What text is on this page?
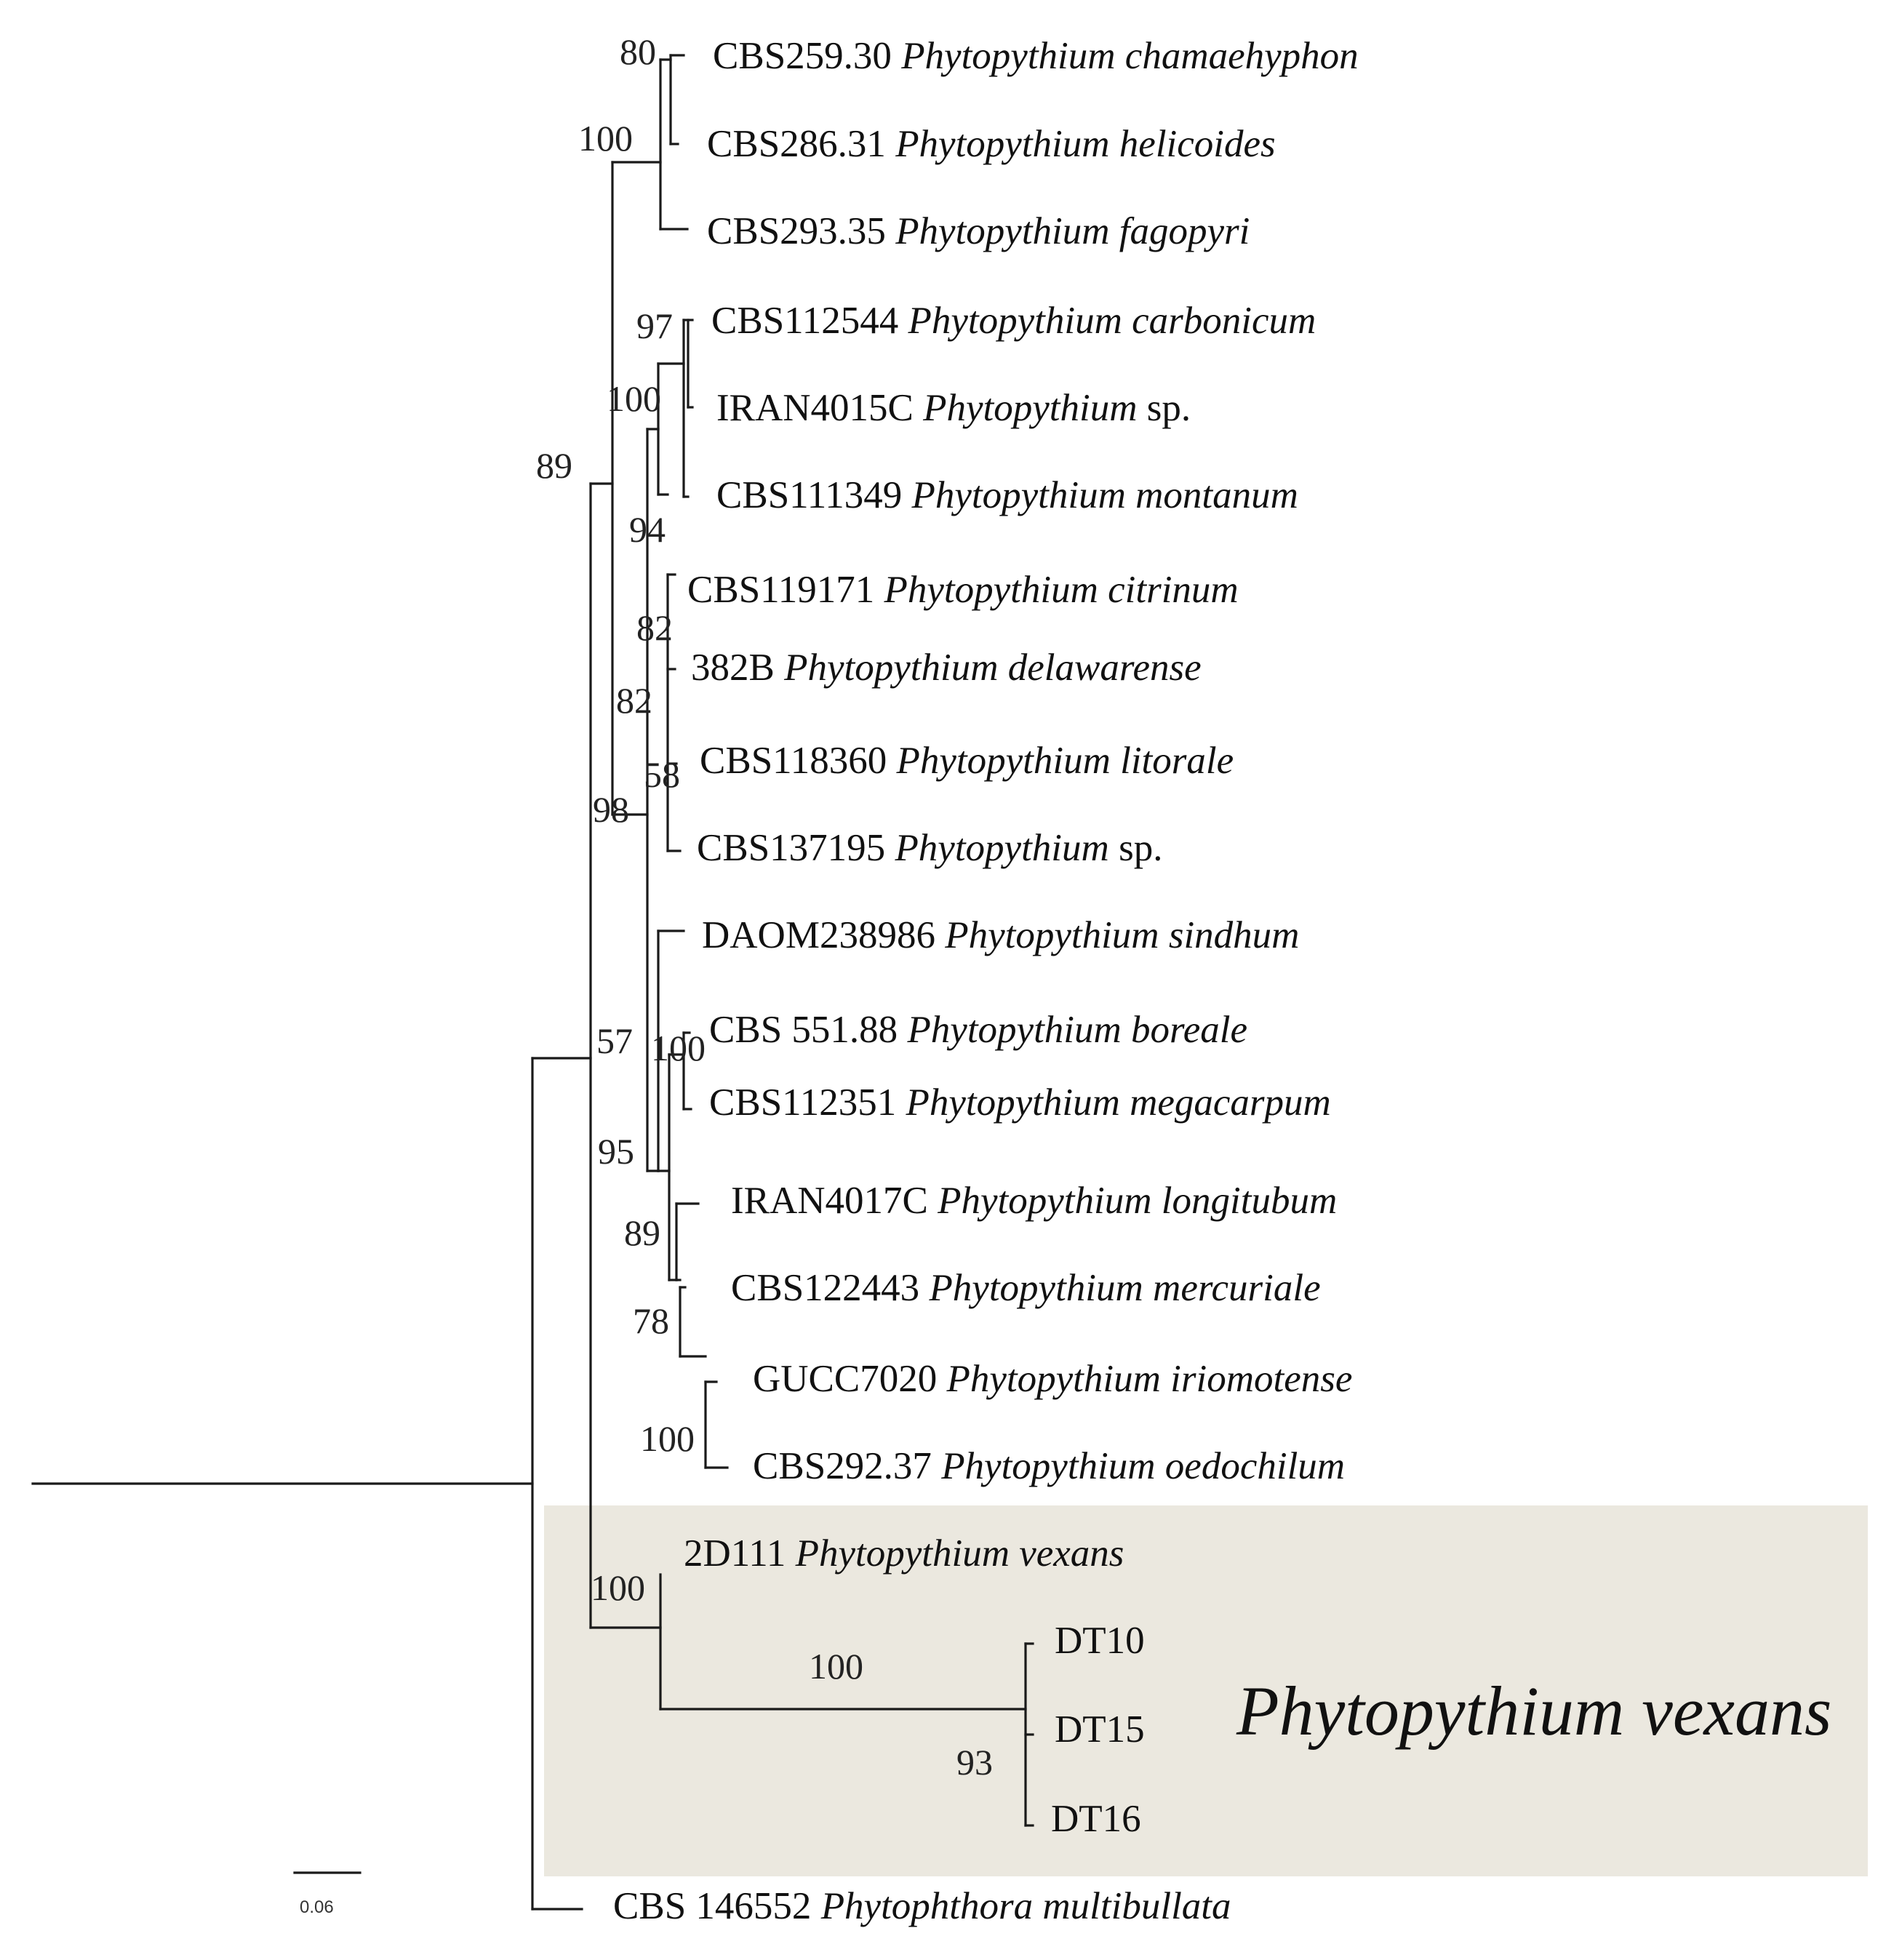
CBS259.30 Phytopythium chamaehyphon
CBS286.31 Phytopythium helicoides
CBS293.35 Phytopythium fagopyri
CBS112544 Phytopythium carbonicum
IRAN4015C Phytopythium sp.
CBS111349 Phytopythium montanum
CBS119171 Phytopythium citrinum
382B Phytopythium delawarense
CBS118360 Phytopythium litorale
CBS137195 Phytopythium sp.
DAOM238986 Phytopythium sindhum
CBS 551.88 Phytopythium boreale
CBS112351 Phytopythium megacarpum
IRAN4017C Phytopythium longitubum
CBS122443 Phytopythium mercuriale
GUCC7020 Phytopythium iriomotense
CBS292.37 Phytopythium oedochilum
2D111 Phytopythium vexans
DT10
DT15
DT16
CBS 146552 Phytophthora multibullata
80
100
97
100
89
94
82
82
58
98
57 100
95
89
78
100
100
100
93
Phytopythium vexans
0.06
